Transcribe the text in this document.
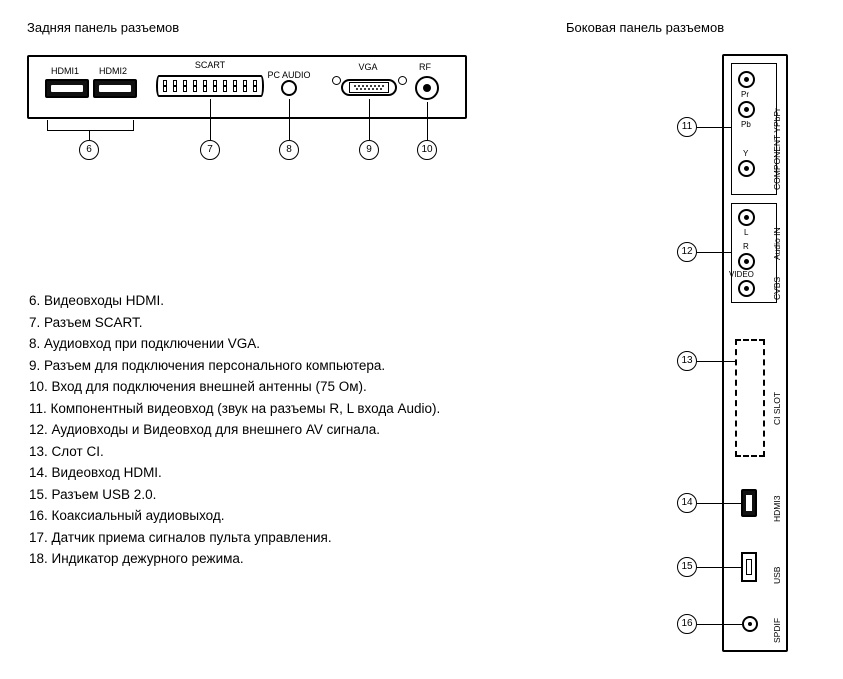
Задняя панель разъемов	Боковая панель разъемов
HDMI1	HDMI2
SCART
PC AUDIO
VGA	RF
6	7	8	9	10
6. Видеовходы HDMI.
7. Разъем SCART.
8. Аудиовход при подключении VGA.
9. Разъем для подключения персонального компьютера.
10. Вход для подключения внешней антенны (75 Ом).
11. Компонентный видеовход (звук на разъемы R, L входа Audio).
12. Аудиовходы и Видеовход для внешнего AV сигнала.
13. Слот CI.
14. Видеовход HDMI.
15. Разъем USB 2.0.
16. Коаксиальный аудиовыход.
17. Датчик приема сигналов пульта управления.
18. Индикатор дежурного режима.
Pr
Pb
Y	COMPONENT YPbPr
11
L
R
VIDEO
Audio IN
CVBS
12
CI SLOT
13
HDMI3
14
USB
15
SPDIF
16
